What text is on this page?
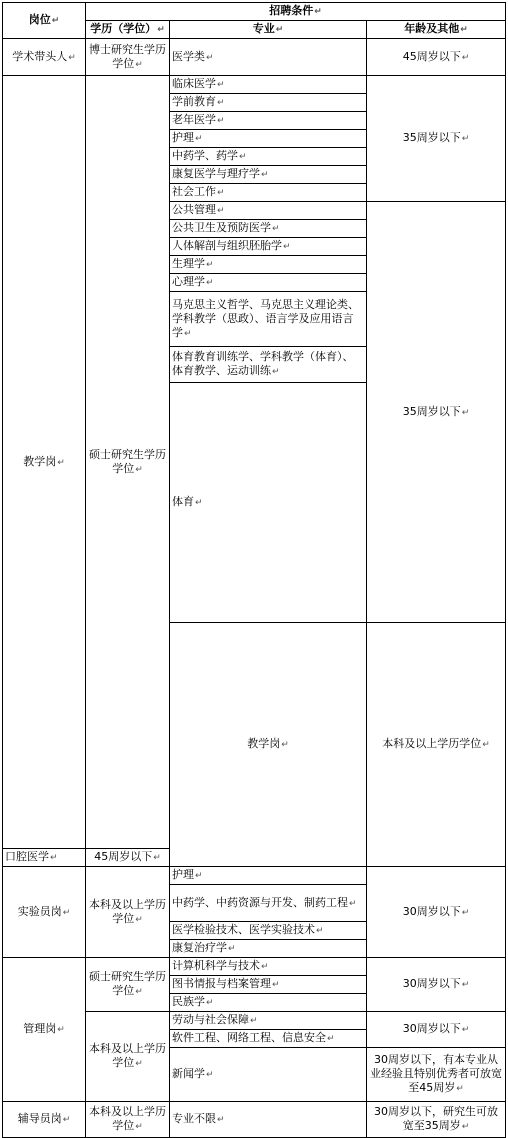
岗位↵	招聘条件↵			
	学历（学位）↵	专业↵	年龄及其他↵	
学术带头人↵	博士研究生学历学位↵	医学类↵	45周岁以下↵	
教学岗↵	硕士研究生学历学位↵	临床医学↵	35周岁以下↵	
		学前教育↵		
		老年医学↵		
		护理↵		
		中药学、药学↵		
		康复医学与理疗学↵		
		社会工作↵		
		公共管理↵	35周岁以下↵	
		公共卫生及预防医学↵		
		人体解剖与组织胚胎学↵		
		生理学↵		
		心理学↵		
		马克思主义哲学、马克思主义理论类、学科教学（思政）、语言学及应用语言学↵		
		体育教育训练学、学科教学（体育）、体育教学、运动训练↵		
		体育↵	
		教学岗↵	本科及以上学历学位↵		
口腔医学↵	45周岁以下↵			
实验员岗↵	本科及以上学历学位↵	护理↵	30周岁以下↵	
		中药学、中药资源与开发、制药工程↵		
		医学检验技术、医学实验技术↵		
		康复治疗学↵		
管理岗↵	硕士研究生学历学位↵	计算机科学与技术↵	30周岁以下↵	
		图书情报与档案管理↵		
		民族学↵		
	本科及以上学历学位↵	劳动与社会保障↵	30周岁以下↵	
		软件工程、网络工程、信息安全↵		
		新闻学↵	30周岁以下，有本专业从业经验且特别优秀者可放宽至45周岁↵	
辅导员岗↵	本科及以上学历学位↵	专业不限↵	30周岁以下，研究生可放宽至35周岁↵	
